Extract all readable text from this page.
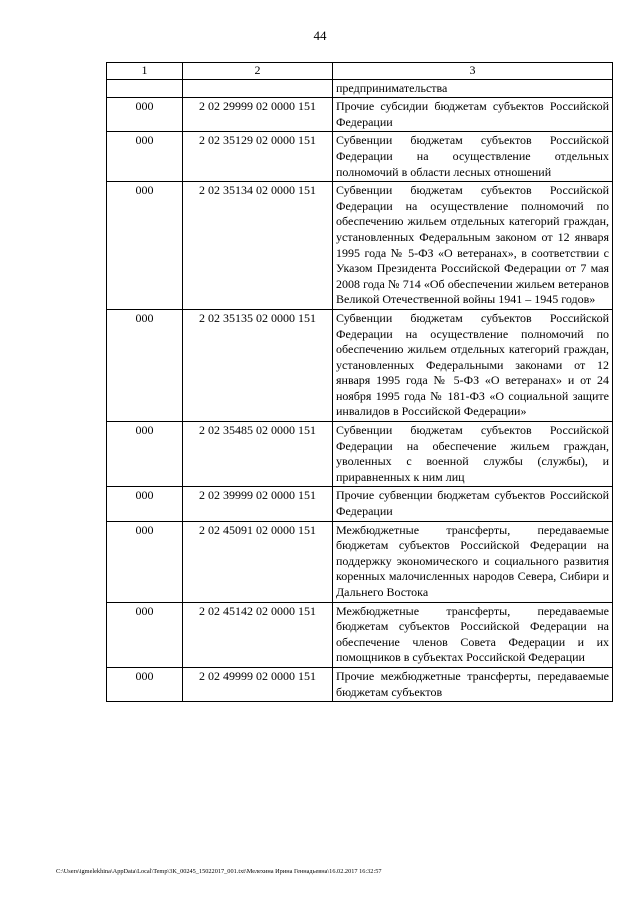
44
1	2	3
		предпринимательства
000	2 02 29999 02 0000 151	Прочие субсидии бюджетам субъектов Российской Федерации
000	2 02 35129 02 0000 151	Субвенции бюджетам субъектов Российской Федерации на осуществление отдельных полномочий в области лесных отношений
000	2 02 35134 02 0000 151	Субвенции бюджетам субъектов Российской Федерации на осуществление полномочий по обеспечению жильем отдельных категорий граждан, установленных Федеральным законом от 12 января 1995 года № 5-ФЗ «О ветеранах», в соответствии с Указом Президента Российской Федерации от 7 мая 2008 года № 714 «Об обеспечении жильем ветеранов Великой Отечественной войны 1941 – 1945 годов»
000	2 02 35135 02 0000 151	Субвенции бюджетам субъектов Российской Федерации на осуществление полномочий по обеспечению жильем отдельных категорий граждан, установленных Федеральными законами от 12 января 1995 года № 5-ФЗ «О ветеранах» и от 24 ноября 1995 года № 181-ФЗ «О социальной защите инвалидов в Российской Федерации»
000	2 02 35485 02 0000 151	Субвенции бюджетам субъектов Российской Федерации на обеспечение жильем граждан, уволенных с военной службы (службы), и приравненных к ним лиц
000	2 02 39999 02 0000 151	Прочие субвенции бюджетам субъектов Российской Федерации
000	2 02 45091 02 0000 151	Межбюджетные трансферты, передаваемые бюджетам субъектов Российской Федерации на поддержку экономического и социального развития коренных малочисленных народов Севера, Сибири и Дальнего Востока
000	2 02 45142 02 0000 151	Межбюджетные трансферты, передаваемые бюджетам субъектов Российской Федерации на обеспечение членов Совета Федерации и их помощников в субъектах Российской Федерации
000	2 02 49999 02 0000 151	Прочие межбюджетные трансферты, передаваемые бюджетам субъектов
C:\Users\igmelekhina\AppData\Local\Temp\3K_00245_15022017_001.txt\Мелехина Ирина Геннадьевна\16.02.2017 16:32:57
